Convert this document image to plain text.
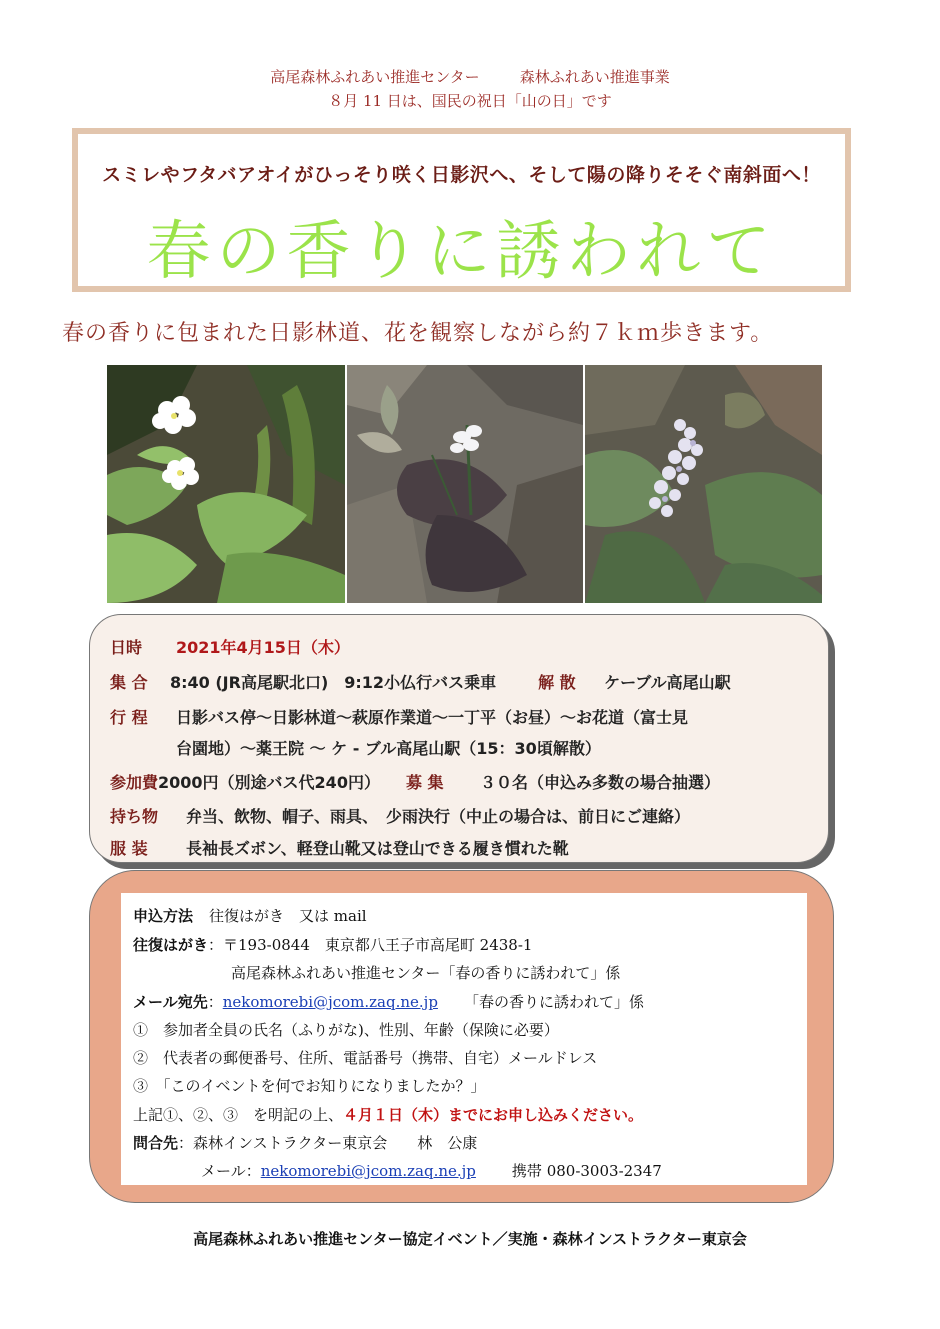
高尾森林ふれあい推進センター	森林ふれあい推進事業
８月 11 日は、国民の祝日「山の日」です
スミレやフタバアオイがひっそり咲く日影沢へ、そして陽の降りそそぐ南斜面へ！
春の香りに誘われて
春の香りに包まれた日影林道、花を観察しながら約７ｋｍ歩きます。
日時 2021年4月15日（木）
集 合 8:40 (JR高尾駅北口)　9:12小仏行バス乗車	解 散 ケーブル高尾山駅
行 程 日影バス停～日影林道～萩原作業道～一丁平（お昼）～お花道（富士見
台園地）～薬王院 ～ ケ - ブル高尾山駅（15：30頃解散）
参加費2000円（別途バス代240円） 募 集 ３０名（申込み多数の場合抽選）
持ち物 弁当、飲物、帽子、雨具、　少雨決行（中止の場合は、前日にご連絡）
服 装 長袖長ズボン、軽登山靴又は登山できる履き慣れた靴
申込方法 往復はがき　又は mail
往復はがき：〒193-0844　東京都八王子市高尾町 2438-1
高尾森林ふれあい推進センター「春の香りに誘われて」係
メール宛先：nekomorebi@jcom.zaq.ne.jp 「春の香りに誘われて」係
①　参加者全員の氏名（ふりがな)、性別、年齢（保険に必要）
②　代表者の郵便番号、住所、電話番号（携帯、自宅）メールドレス
③　「このイベントを何でお知りになりましたか？」
上記①、②、③　を明記の上、４月１日（木）までにお申し込みください。
問合先：森林インストラクター東京会　　林　公康
メール：nekomorebi@jcom.zaq.ne.jp 携帯 080-3003-2347
高尾森林ふれあい推進センター協定イベント／実施・森林インストラクター東京会
